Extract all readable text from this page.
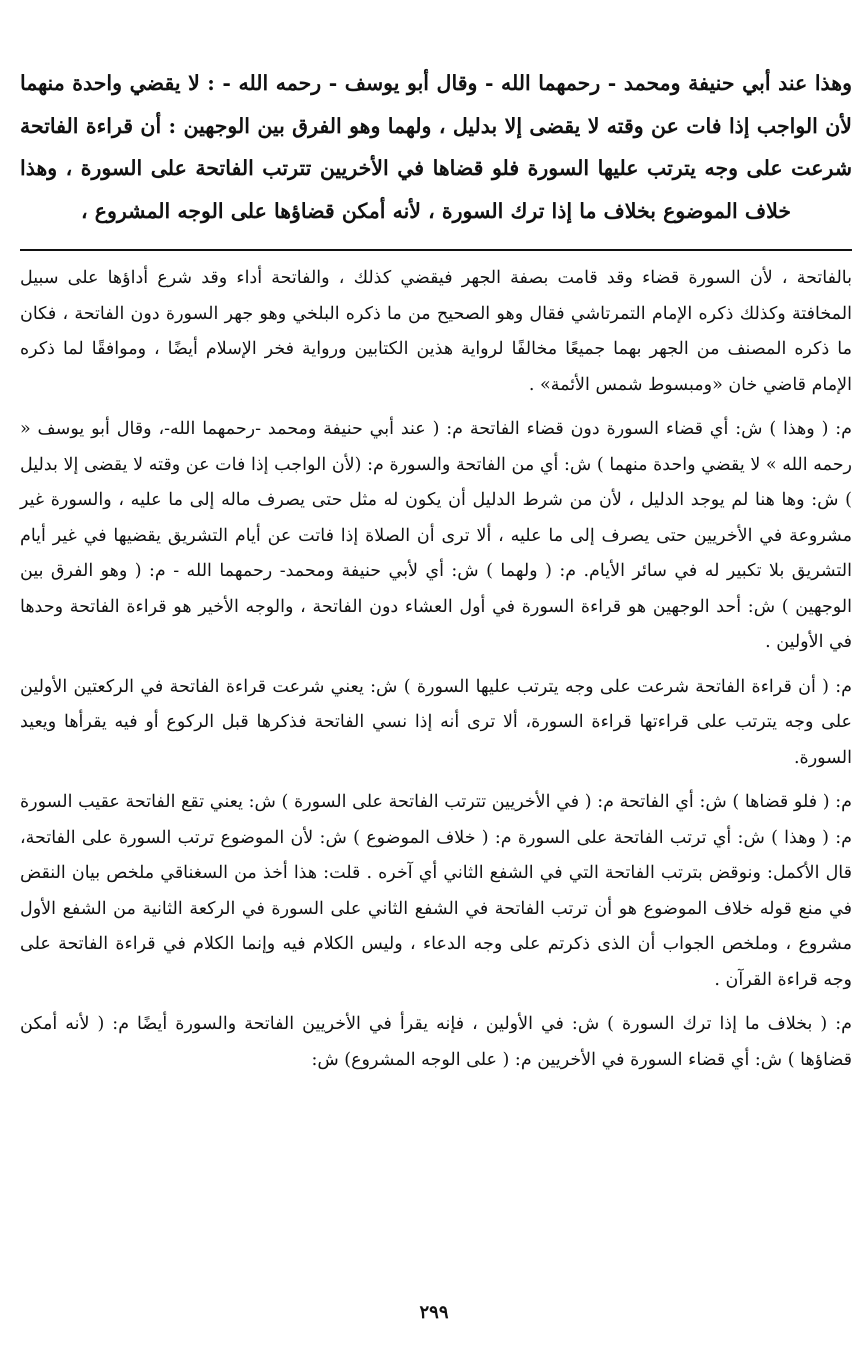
وهذا عند أبي حنيفة ومحمد - رحمهما الله - وقال أبو يوسف - رحمه الله - : لا يقضي واحدة منهما لأن الواجب إذا فات عن وقته لا يقضى إلا بدليل ، ولهما وهو الفرق بين الوجهين : أن قراءة الفاتحة شرعت على وجه يترتب عليها السورة فلو قضاها في الأخريين تترتب الفاتحة على السورة ، وهذا خلاف الموضوع بخلاف ما إذا ترك السورة ، لأنه أمكن قضاؤها على الوجه المشروع ،

بالفاتحة ، لأن السورة قضاء وقد قامت بصفة الجهر فيقضي كذلك ، والفاتحة أداء وقد شرع أداؤها على سبيل المخافتة وكذلك ذكره الإمام التمرتاشي فقال وهو الصحيح من ما ذكره البلخي وهو جهر السورة دون الفاتحة ، فكان ما ذكره المصنف من الجهر بهما جميعًا مخالفًا لرواية هذين الكتابين ورواية فخر الإسلام أيضًا ، وموافقًا لما ذكره الإمام قاضي خان «ومبسوط شمس الأئمة» .

م: ( وهذا ) ش: أي قضاء السورة دون قضاء الفاتحة م: ( عند أبي حنيفة ومحمد -رحمهما الله-، وقال أبو يوسف « رحمه الله » لا يقضي واحدة منهما ) ش: أي من الفاتحة والسورة م: (لأن الواجب إذا فات عن وقته لا يقضى إلا بدليل ) ش: وها هنا لم يوجد الدليل ، لأن من شرط الدليل أن يكون له مثل حتى يصرف ماله إلى ما عليه ، والسورة غير مشروعة في الأخريين حتى يصرف إلى ما عليه ، ألا ترى أن الصلاة إذا فاتت عن أيام التشريق يقضيها في غير أيام التشريق بلا تكبير له في سائر الأيام. م: ( ولهما ) ش: أي لأبي حنيفة ومحمد- رحمهما الله - م: ( وهو الفرق بين الوجهين ) ش: أحد الوجهين هو قراءة السورة في أول العشاء دون الفاتحة ، والوجه الأخير هو قراءة الفاتحة وحدها في الأولين .

م: ( أن قراءة الفاتحة شرعت على وجه يترتب عليها السورة ) ش: يعني شرعت قراءة الفاتحة في الركعتين الأولين على وجه يترتب على قراءتها قراءة السورة، ألا ترى أنه إذا نسي الفاتحة فذكرها قبل الركوع أو فيه يقرأها ويعيد السورة.

م: ( فلو قضاها ) ش: أي الفاتحة م: ( في الأخريين تترتب الفاتحة على السورة ) ش: يعني تقع الفاتحة عقيب السورة م: ( وهذا ) ش: أي ترتب الفاتحة على السورة م: ( خلاف الموضوع ) ش: لأن الموضوع ترتب السورة على الفاتحة، قال الأكمل: ونوقض بترتب الفاتحة التي في الشفع الثاني أي آخره . قلت: هذا أخذ من السغناقي ملخص بيان النقض في منع قوله خلاف الموضوع هو أن ترتب الفاتحة في الشفع الثاني على السورة في الركعة الثانية من الشفع الأول مشروع ، وملخص الجواب أن الذى ذكرتم على وجه الدعاء ، وليس الكلام فيه وإنما الكلام في قراءة الفاتحة على وجه قراءة القرآن .

م: ( بخلاف ما إذا ترك السورة ) ش: في الأولين ، فإنه يقرأ في الأخريين الفاتحة والسورة أيضًا م: ( لأنه أمكن قضاؤها ) ش: أي قضاء السورة في الأخريين م: ( على الوجه المشروع) ش:

٢٩٩
